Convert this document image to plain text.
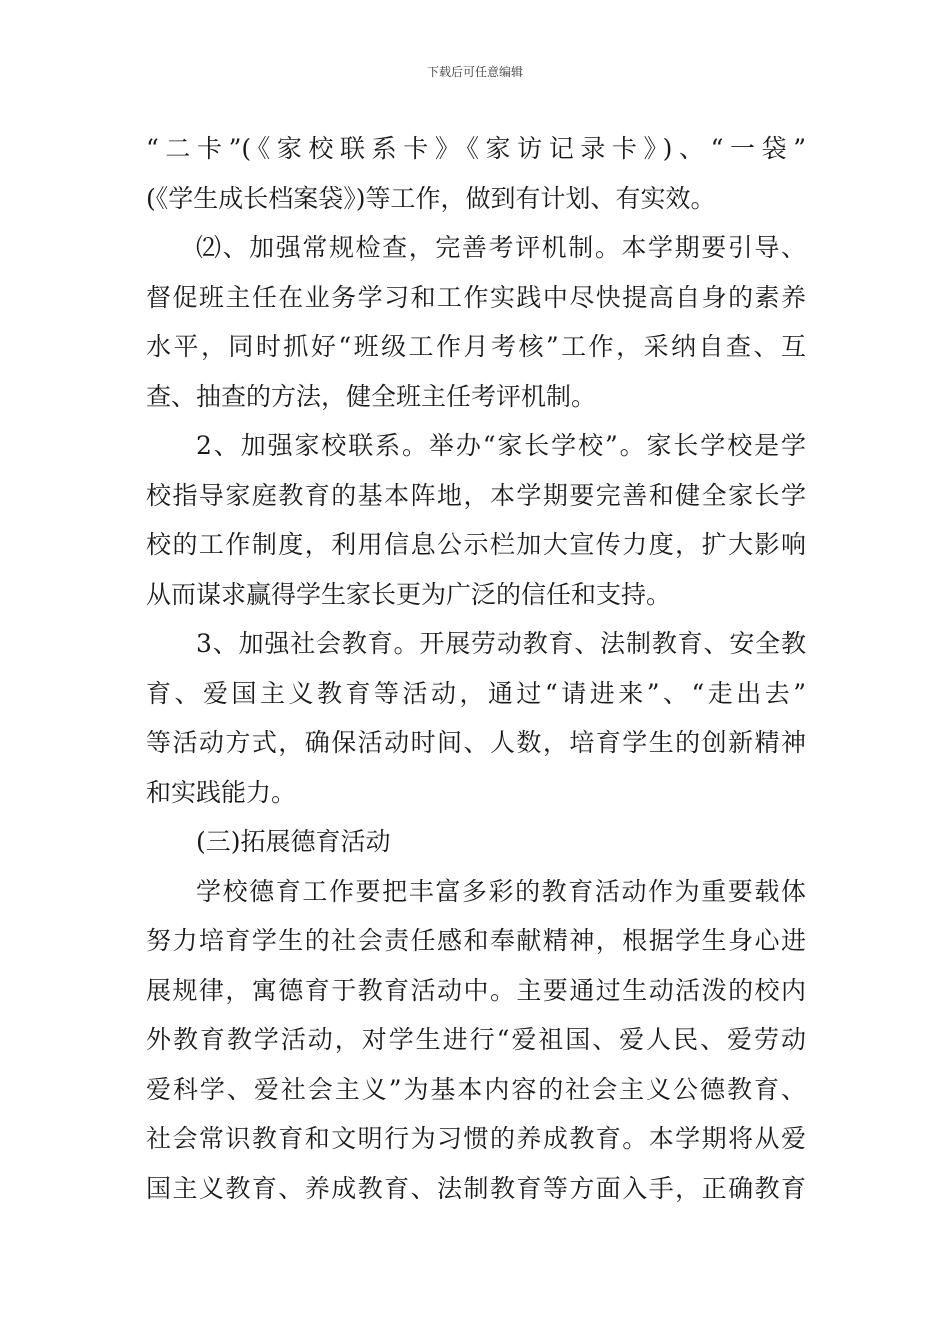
下载后可任意编辑
“二卡”(《家校联系卡》《家访记录卡》)、“一袋”
(《学生成长档案袋》)等工作，做到有计划、有实效。
⑵、加强常规检查，完善考评机制。本学期要引导、
督促班主任在业务学习和工作实践中尽快提高自身的素养
水平，同时抓好“班级工作月考核”工作，采纳自查、互
查、抽查的方法，健全班主任考评机制。
2、加强家校联系。举办“家长学校”。家长学校是学
校指导家庭教育的基本阵地，本学期要完善和健全家长学
校的工作制度，利用信息公示栏加大宣传力度，扩大影响
从而谋求赢得学生家长更为广泛的信任和支持。
3、加强社会教育。开展劳动教育、法制教育、安全教
育、爱国主义教育等活动，通过“请进来”、“走出去”
等活动方式，确保活动时间、人数，培育学生的创新精神
和实践能力。
(三)拓展德育活动
学校德育工作要把丰富多彩的教育活动作为重要载体
努力培育学生的社会责任感和奉献精神，根据学生身心进
展规律，寓德育于教育活动中。主要通过生动活泼的校内
外教育教学活动，对学生进行“爱祖国、爱人民、爱劳动
爱科学、爱社会主义”为基本内容的社会主义公德教育、
社会常识教育和文明行为习惯的养成教育。本学期将从爱
国主义教育、养成教育、法制教育等方面入手，正确教育
